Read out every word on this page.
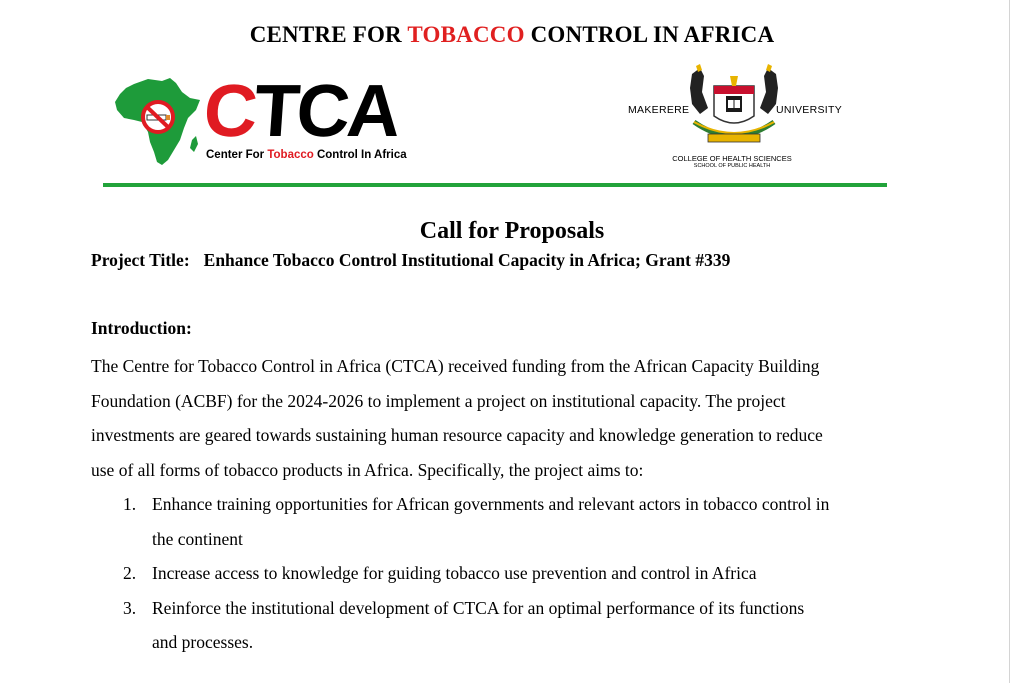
CENTRE FOR TOBACCO CONTROL IN AFRICA
CTCA
Center For Tobacco Control In Africa
MAKERERE	UNIVERSITY
COLLEGE OF HEALTH SCIENCES
SCHOOL OF PUBLIC HEALTH
Call for Proposals
Project Title: Enhance Tobacco Control Institutional Capacity in Africa; Grant #339
Introduction:
The Centre for Tobacco Control in Africa (CTCA) received funding from the African Capacity Building
Foundation (ACBF) for the 2024-2026 to implement a project on institutional capacity. The project
investments are geared towards sustaining human resource capacity and knowledge generation to reduce
use of all forms of tobacco products in Africa. Specifically, the project aims to:
1. Enhance training opportunities for African governments and relevant actors in tobacco control in
the continent
2. Increase access to knowledge for guiding tobacco use prevention and control in Africa
3. Reinforce the institutional development of CTCA for an optimal performance of its functions
and processes.
